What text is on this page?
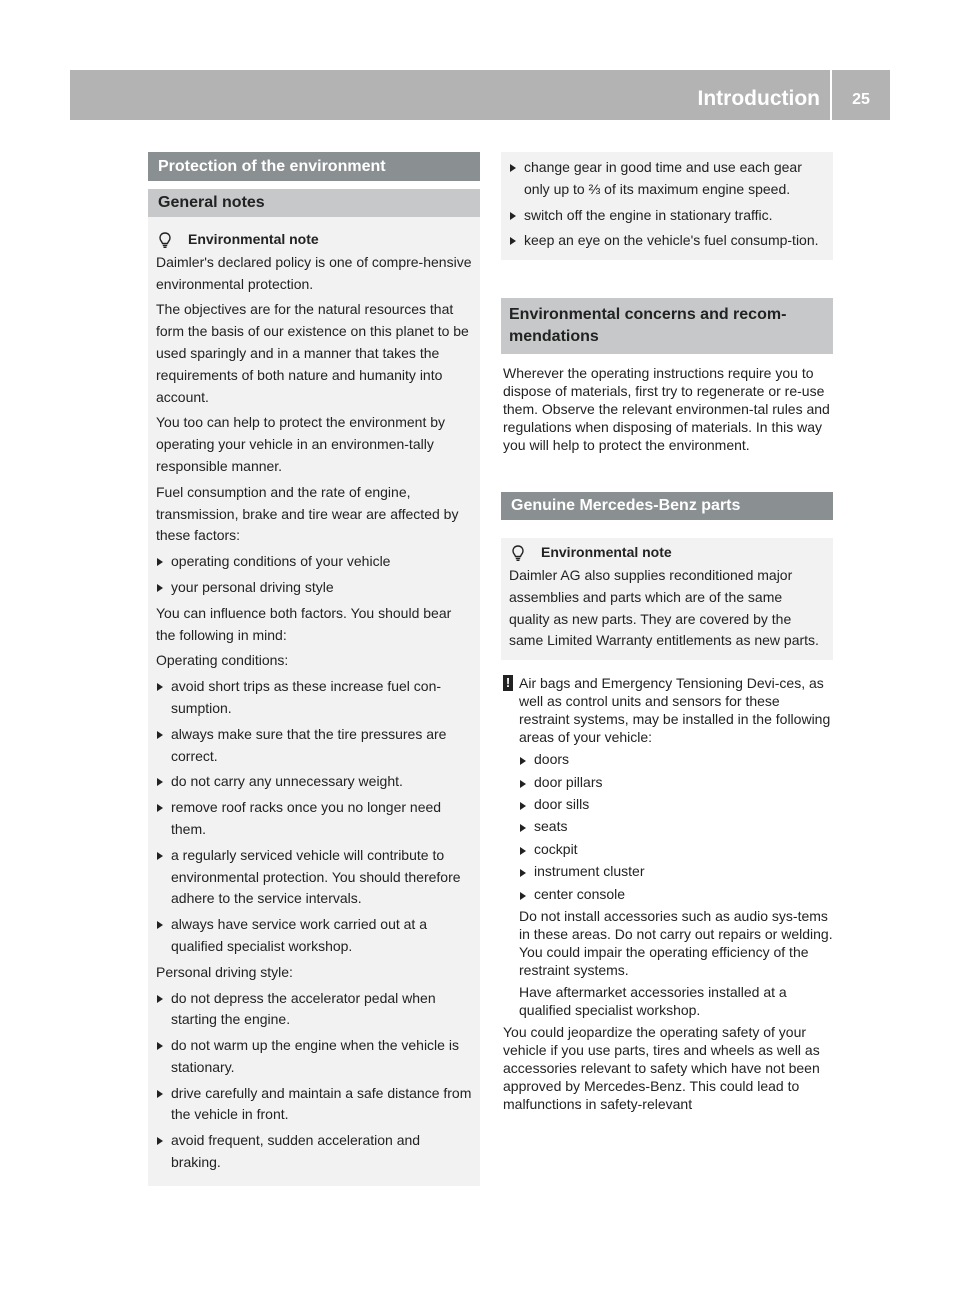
Introduction	25
Protection of the environment
General notes
Environmental note

Daimler's declared policy is one of compre-hensive environmental protection.

The objectives are for the natural resources that form the basis of our existence on this planet to be used sparingly and in a manner that takes the requirements of both nature and humanity into account.

You too can help to protect the environment by operating your vehicle in an environmen-tally responsible manner.

Fuel consumption and the rate of engine, transmission, brake and tire wear are affected by these factors:

operating conditions of your vehicle
your personal driving style

You can influence both factors. You should bear the following in mind:

Operating conditions:

avoid short trips as these increase fuel con-sumption.
always make sure that the tire pressures are correct.
do not carry any unnecessary weight.
remove roof racks once you no longer need them.
a regularly serviced vehicle will contribute to environmental protection. You should therefore adhere to the service intervals.
always have service work carried out at a qualified specialist workshop.

Personal driving style:

do not depress the accelerator pedal when starting the engine.
do not warm up the engine when the vehicle is stationary.
drive carefully and maintain a safe distance from the vehicle in front.
avoid frequent, sudden acceleration and braking.
change gear in good time and use each gear only up to ⅔ of its maximum engine speed.
switch off the engine in stationary traffic.
keep an eye on the vehicle's fuel consump-tion.
Environmental concerns and recom-mendations

Wherever the operating instructions require you to dispose of materials, first try to regenerate or re-use them. Observe the relevant environmen-tal rules and regulations when disposing of materials. In this way you will help to protect the environment.

Genuine Mercedes-Benz parts
Environmental note

Daimler AG also supplies reconditioned major assemblies and parts which are of the same quality as new parts. They are covered by the same Limited Warranty entitlements as new parts.

! Air bags and Emergency Tensioning Devi-ces, as well as control units and sensors for these restraint systems, may be installed in the following areas of your vehicle:

doors
door pillars
door sills
seats
cockpit
instrument cluster
center console

Do not install accessories such as audio sys-tems in these areas. Do not carry out repairs or welding. You could impair the operating efficiency of the restraint systems.

Have aftermarket accessories installed at a qualified specialist workshop.

You could jeopardize the operating safety of your vehicle if you use parts, tires and wheels as well as accessories relevant to safety which have not been approved by Mercedes-Benz. This could lead to malfunctions in safety-relevant
